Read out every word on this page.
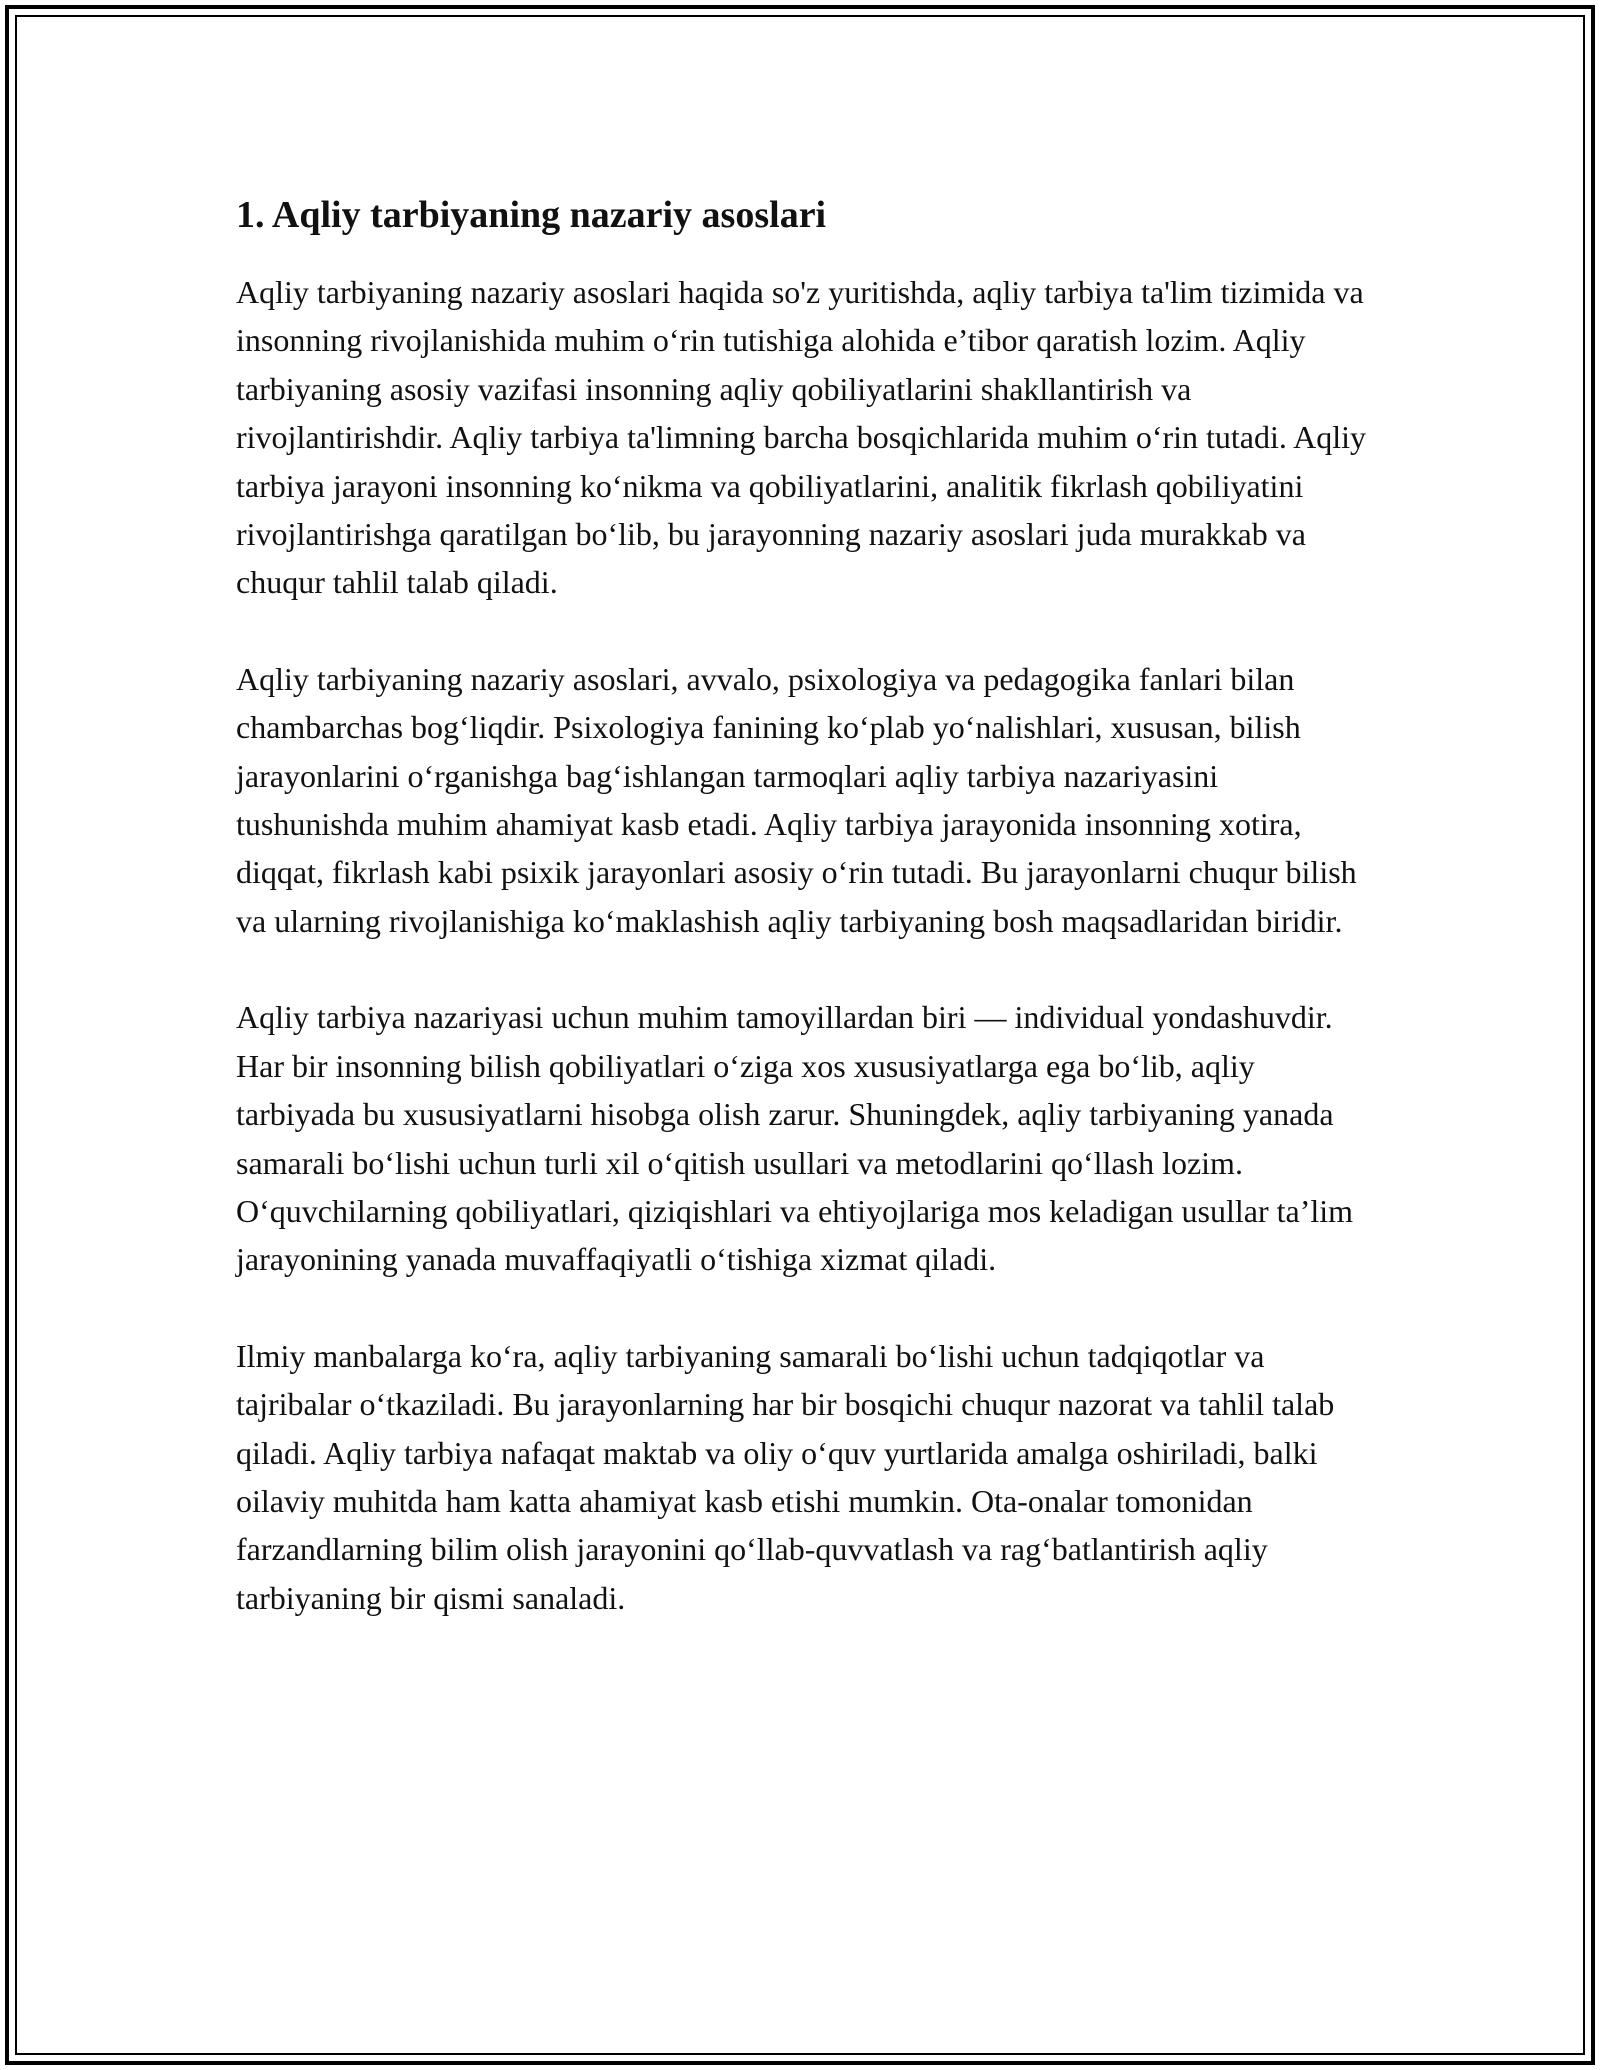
1. Aqliy tarbiyaning nazariy asoslari

Aqliy tarbiyaning nazariy asoslari haqida so'z yuritishda, aqliy tarbiya ta'lim tizimida va insonning rivojlanishida muhim o‘rin tutishiga alohida e’tibor qaratish lozim. Aqliy tarbiyaning asosiy vazifasi insonning aqliy qobiliyatlarini shakllantirish va rivojlantirishdir. Aqliy tarbiya ta'limning barcha bosqichlarida muhim o‘rin tutadi. Aqliy tarbiya jarayoni insonning ko‘nikma va qobiliyatlarini, analitik fikrlash qobiliyatini rivojlantirishga qaratilgan bo‘lib, bu jarayonning nazariy asoslari juda murakkab va chuqur tahlil talab qiladi.

Aqliy tarbiyaning nazariy asoslari, avvalo, psixologiya va pedagogika fanlari bilan chambarchas bog‘liqdir. Psixologiya fanining ko‘plab yo‘nalishlari, xususan, bilish jarayonlarini o‘rganishga bag‘ishlangan tarmoqlari aqliy tarbiya nazariyasini tushunishda muhim ahamiyat kasb etadi. Aqliy tarbiya jarayonida insonning xotira, diqqat, fikrlash kabi psixik jarayonlari asosiy o‘rin tutadi. Bu jarayonlarni chuqur bilish va ularning rivojlanishiga ko‘maklashish aqliy tarbiyaning bosh maqsadlaridan biridir.

Aqliy tarbiya nazariyasi uchun muhim tamoyillardan biri — individual yondashuvdir. Har bir insonning bilish qobiliyatlari o‘ziga xos xususiyatlarga ega bo‘lib, aqliy tarbiyada bu xususiyatlarni hisobga olish zarur. Shuningdek, aqliy tarbiyaning yanada samarali bo‘lishi uchun turli xil o‘qitish usullari va metodlarini qo‘llash lozim. O‘quvchilarning qobiliyatlari, qiziqishlari va ehtiyojlariga mos keladigan usullar ta’lim jarayonining yanada muvaffaqiyatli o‘tishiga xizmat qiladi.

Ilmiy manbalarga ko‘ra, aqliy tarbiyaning samarali bo‘lishi uchun tadqiqotlar va tajribalar o‘tkaziladi. Bu jarayonlarning har bir bosqichi chuqur nazorat va tahlil talab qiladi. Aqliy tarbiya nafaqat maktab va oliy o‘quv yurtlarida amalga oshiriladi, balki oilaviy muhitda ham katta ahamiyat kasb etishi mumkin. Ota-onalar tomonidan farzandlarning bilim olish jarayonini qo‘llab-quvvatlash va rag‘batlantirish aqliy tarbiyaning bir qismi sanaladi.
